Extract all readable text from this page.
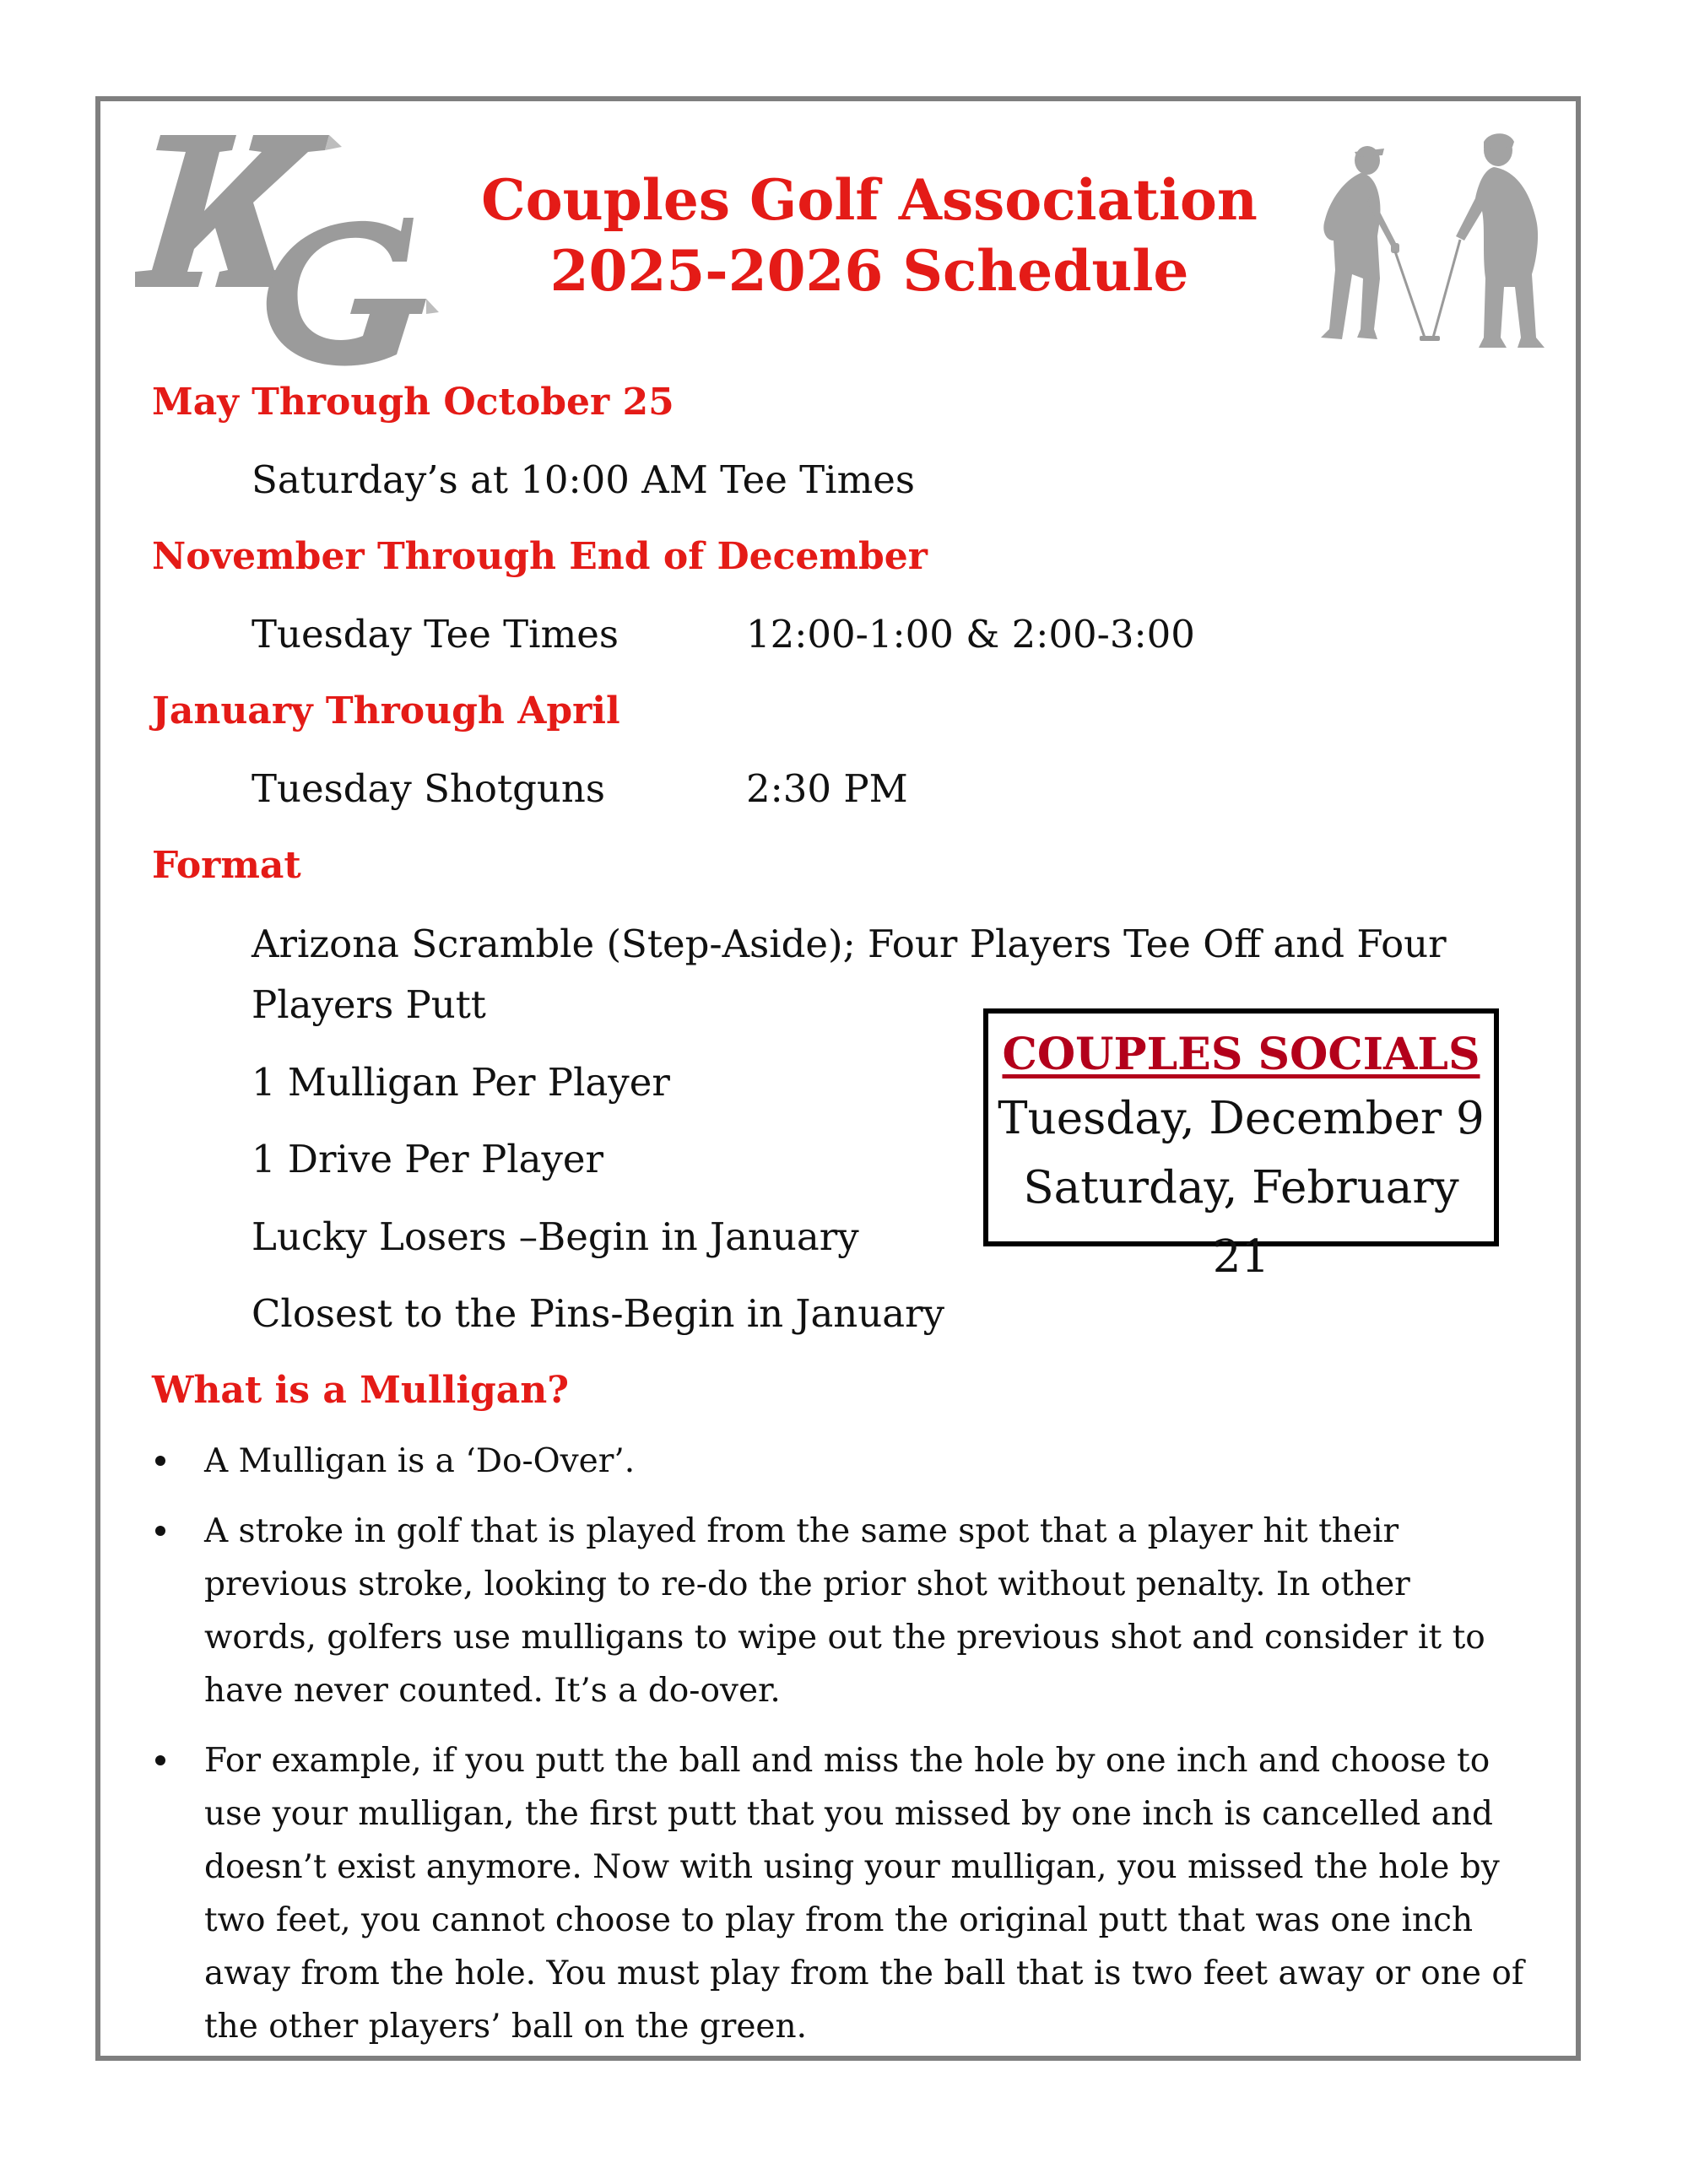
Couples Golf Association
2025-2026 Schedule
May Through October 25
Saturday’s at 10:00 AM Tee Times
November Through End of December
Tuesday Tee Times	12:00-1:00 & 2:00-3:00
January Through April
Tuesday Shotguns	2:30 PM
Format
Arizona Scramble (Step-Aside); Four Players Tee Off and Four Players Putt
1 Mulligan Per Player
1 Drive Per Player
Lucky Losers –Begin in January
Closest to the Pins-Begin in January
COUPLES SOCIALS
Tuesday, December 9
Saturday, February 21
What is a Mulligan?
A Mulligan is a ‘Do-Over’.
A stroke in golf that is played from the same spot that a player hit their previous stroke, looking to re-do the prior shot without penalty. In other words, golfers use mulligans to wipe out the previous shot and consider it to have never counted. It’s a do-over.
For example, if you putt the ball and miss the hole by one inch and choose to use your mulligan, the first putt that you missed by one inch is cancelled and doesn’t exist anymore. Now with using your mulligan, you missed the hole by two feet, you cannot choose to play from the original putt that was one inch away from the hole. You must play from the ball that is two feet away or one of the other players’ ball on the green.
